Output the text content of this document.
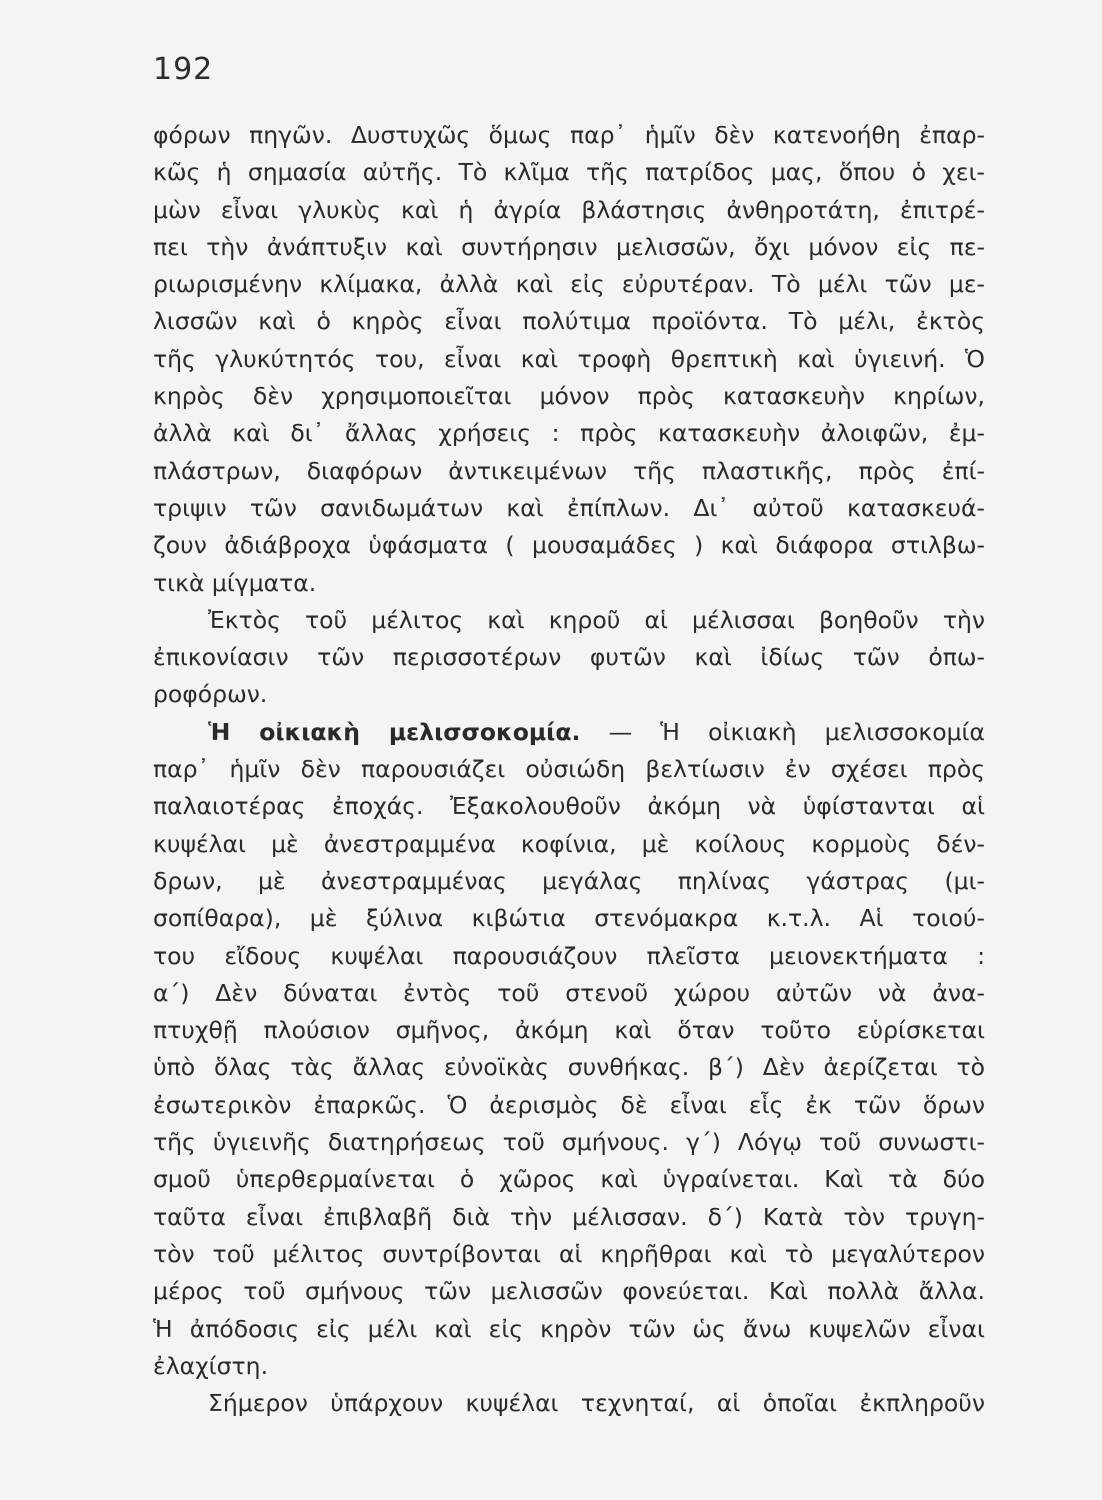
192
φόρων πηγῶν. Δυστυχῶς ὅμως παρ᾽ ἡμῖν δὲν κατενοήθη ἐπαρ-
κῶς ἡ σημασία αὐτῆς. Τὸ κλῖμα τῆς πατρίδος μας, ὅπου ὁ χει-
μὼν εἶναι γλυκὺς καὶ ἡ ἀγρία βλάστησις ἀνθηροτάτη, ἐπιτρέ-
πει τὴν ἀνάπτυξιν καὶ συντήρησιν μελισσῶν, ὄχι μόνον εἰς πε-
ριωρισμένην κλίμακα, ἀλλὰ καὶ εἰς εὐρυτέραν. Τὸ μέλι τῶν με-
λισσῶν καὶ ὁ κηρὸς εἶναι πολύτιμα προϊόντα. Τὸ μέλι, ἐκτὸς
τῆς γλυκύτητός του, εἶναι καὶ τροφὴ θρεπτικὴ καὶ ὑγιεινή. Ὁ
κηρὸς δὲν χρησιμοποιεῖται μόνον πρὸς κατασκευὴν κηρίων,
ἀλλὰ καὶ δι᾽ ἄλλας χρήσεις : πρὸς κατασκευὴν ἀλοιφῶν, ἐμ-
πλάστρων, διαφόρων ἀντικειμένων τῆς πλαστικῆς, πρὸς ἐπί-
τριψιν τῶν σανιδωμάτων καὶ ἐπίπλων. Δι᾽ αὐτοῦ κατασκευά-
ζουν ἀδιάβροχα ὑφάσματα ( μουσαμάδες ) καὶ διάφορα στιλβω-
τικὰ μίγματα.
Ἐκτὸς τοῦ μέλιτος καὶ κηροῦ αἱ μέλισσαι βοηθοῦν τὴν
ἐπικονίασιν τῶν περισσοτέρων φυτῶν καὶ ἰδίως τῶν ὀπω-
ροφόρων.
Ἡ οἰκιακὴ μελισσοκομία. — Ἡ οἰκιακὴ μελισσοκομία
παρ᾽ ἡμῖν δὲν παρουσιάζει οὐσιώδη βελτίωσιν ἐν σχέσει πρὸς
παλαιοτέρας ἐποχάς. Ἐξακολουθοῦν ἀκόμη νὰ ὑφίστανται αἱ
κυψέλαι μὲ ἀνεστραμμένα κοφίνια, μὲ κοίλους κορμοὺς δέν-
δρων, μὲ ἀνεστραμμένας μεγάλας πηλίνας γάστρας (μι-
σοπίθαρα), μὲ ξύλινα κιβώτια στενόμακρα κ.τ.λ. Αἱ τοιού-
του εἴδους κυψέλαι παρουσιάζουν πλεῖστα μειονεκτήματα :
α΄) Δὲν δύναται ἐντὸς τοῦ στενοῦ χώρου αὐτῶν νὰ ἀνα-
πτυχθῇ πλούσιον σμῆνος, ἀκόμη καὶ ὅταν τοῦτο εὑρίσκεται
ὑπὸ ὅλας τὰς ἄλλας εὐνοϊκὰς συνθήκας. β΄) Δὲν ἀερίζεται τὸ
ἐσωτερικὸν ἐπαρκῶς. Ὁ ἀερισμὸς δὲ εἶναι εἷς ἐκ τῶν ὅρων
τῆς ὑγιεινῆς διατηρήσεως τοῦ σμήνους. γ΄) Λόγῳ τοῦ συνωστι-
σμοῦ ὑπερθερμαίνεται ὁ χῶρος καὶ ὑγραίνεται. Καὶ τὰ δύο
ταῦτα εἶναι ἐπιβλαβῆ διὰ τὴν μέλισσαν. δ΄) Κατὰ τὸν τρυγη-
τὸν τοῦ μέλιτος συντρίβονται αἱ κηρῆθραι καὶ τὸ μεγαλύτερον
μέρος τοῦ σμήνους τῶν μελισσῶν φονεύεται. Καὶ πολλὰ ἄλλα.
Ἡ ἀπόδοσις εἰς μέλι καὶ εἰς κηρὸν τῶν ὡς ἄνω κυψελῶν εἶναι
ἐλαχίστη.
Σήμερον ὑπάρχουν κυψέλαι τεχνηταί, αἱ ὁποῖαι ἐκπληροῦν
